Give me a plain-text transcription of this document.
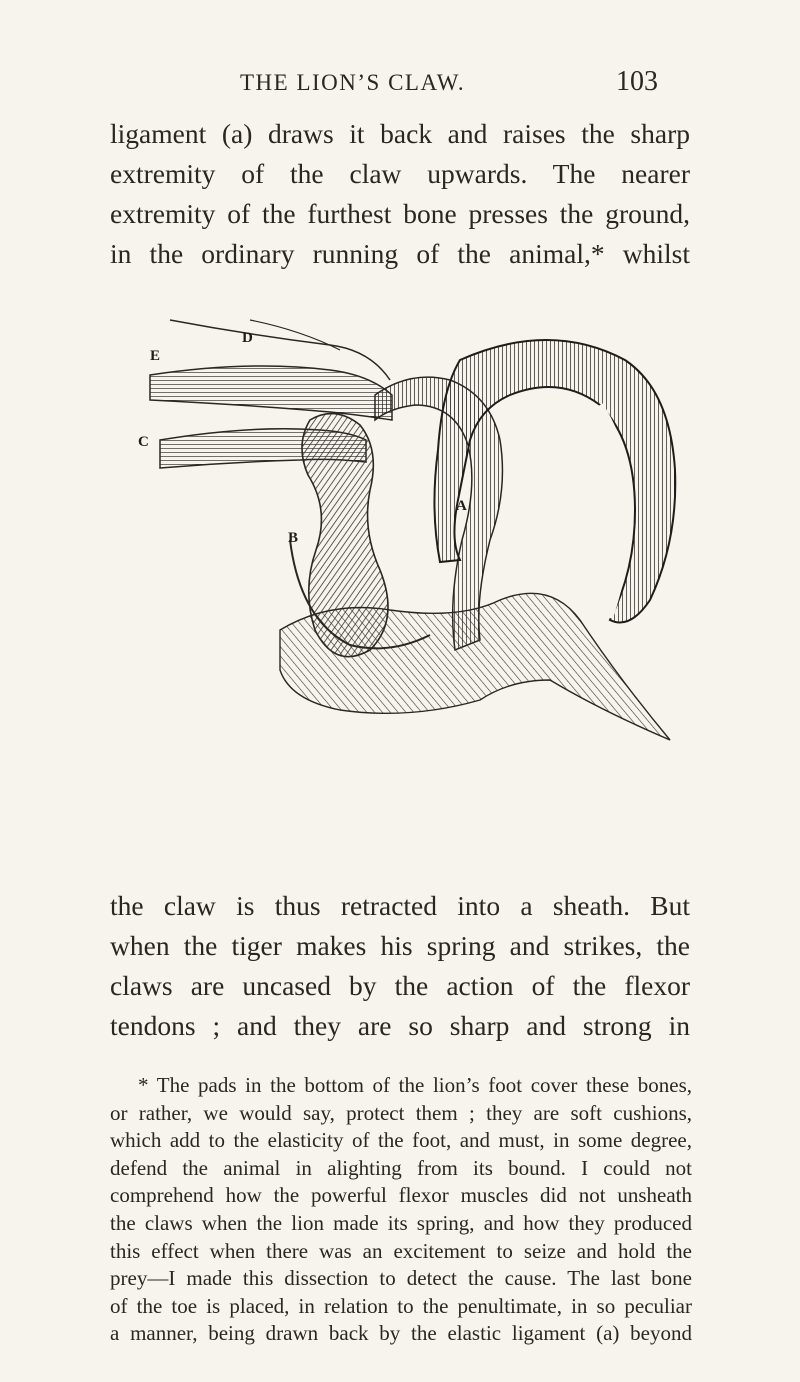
THE LION’S CLAW.	103
ligament (a) draws it back and raises the sharp
extremity of the claw upwards. The nearer
extremity of the furthest bone presses the ground,
in the ordinary running of the animal,* whilst
D
E
C
A
B
the claw is thus retracted into a sheath. But
when the tiger makes his spring and strikes, the
claws are uncased by the action of the flexor
tendons ; and they are so sharp and strong in
* The pads in the bottom of the lion’s foot cover these bones,
or rather, we would say, protect them ; they are soft cushions,
which add to the elasticity of the foot, and must, in some degree,
defend the animal in alighting from its bound. I could not
comprehend how the powerful flexor muscles did not unsheath
the claws when the lion made its spring, and how they produced
this effect when there was an excitement to seize and hold the
prey—I made this dissection to detect the cause. The last bone
of the toe is placed, in relation to the penultimate, in so peculiar
a manner, being drawn back by the elastic ligament (a) beyond
